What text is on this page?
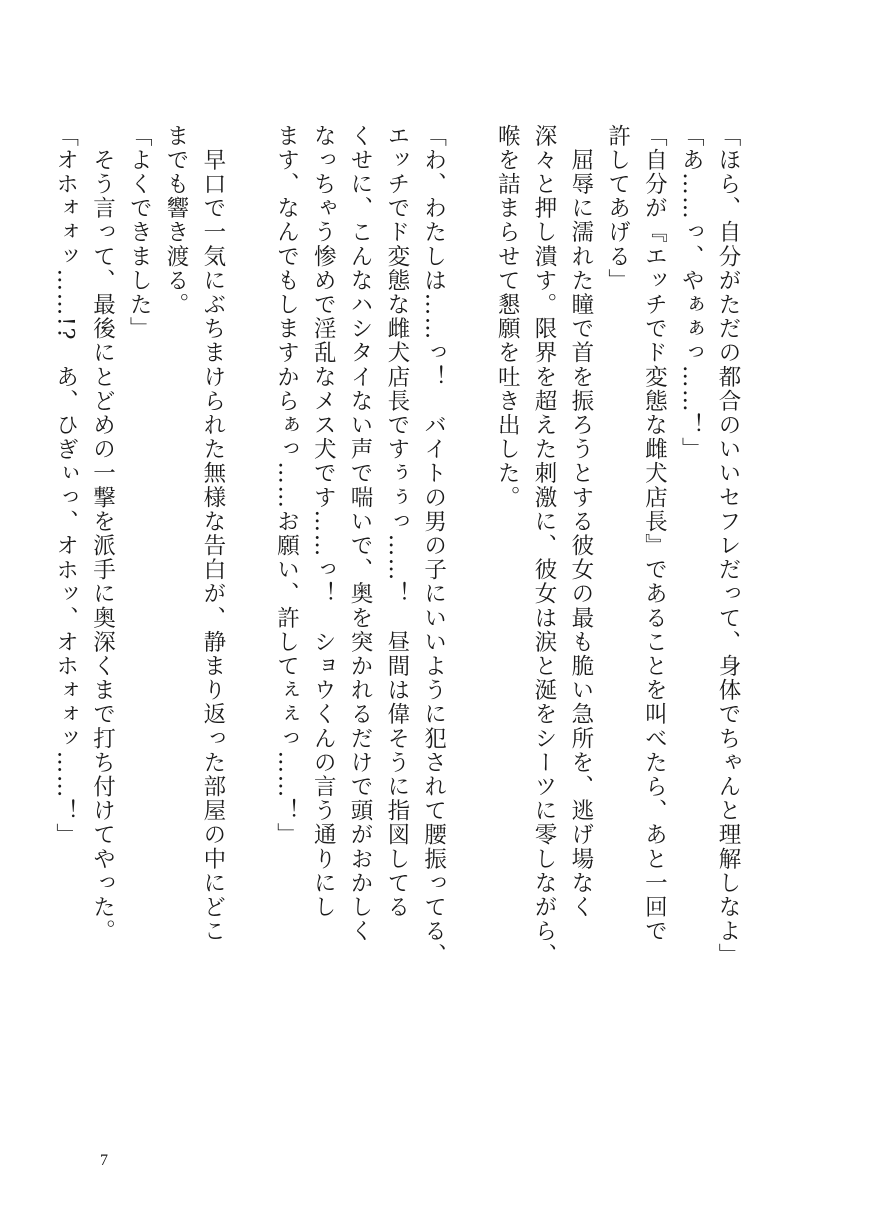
「ほら、自分がただの都合のいいセフレだって、身体でちゃんと理解しなよ」
「あ……っ、やぁぁっ……！」
「自分が『エッチでド変態な雌犬店長』であることを叫べたら、あと一回で
許してあげる」
　屈辱に濡れた瞳で首を振ろうとする彼女の最も脆い急所を、逃げ場なく
深々と押し潰す。限界を超えた刺激に、彼女は涙と涎をシーツに零しながら、
喉を詰まらせて懇願を吐き出した。
「わ、わたしは……っ！　バイトの男の子にいいように犯されて腰振ってる、
エッチでド変態な雌犬店長ですぅぅっ……！　昼間は偉そうに指図してる
くせに、こんなハシタイない声で喘いで、奥を突かれるだけで頭がおかしく
なっちゃう惨めで淫乱なメス犬です……っ！　ショウくんの言う通りにし
ます、なんでもしますからぁっ……お願い、許してぇぇっ……！」
　早口で一気にぶちまけられた無様な告白が、静まり返った部屋の中にどこ
までも響き渡る。
「よくできました」
　そう言って、最後にとどめの一撃を派手に奥深くまで打ち付けてやった。
「オホォォッ……!?　あ、ひぎぃっ、オホッ、オホォォッ……！」
7
